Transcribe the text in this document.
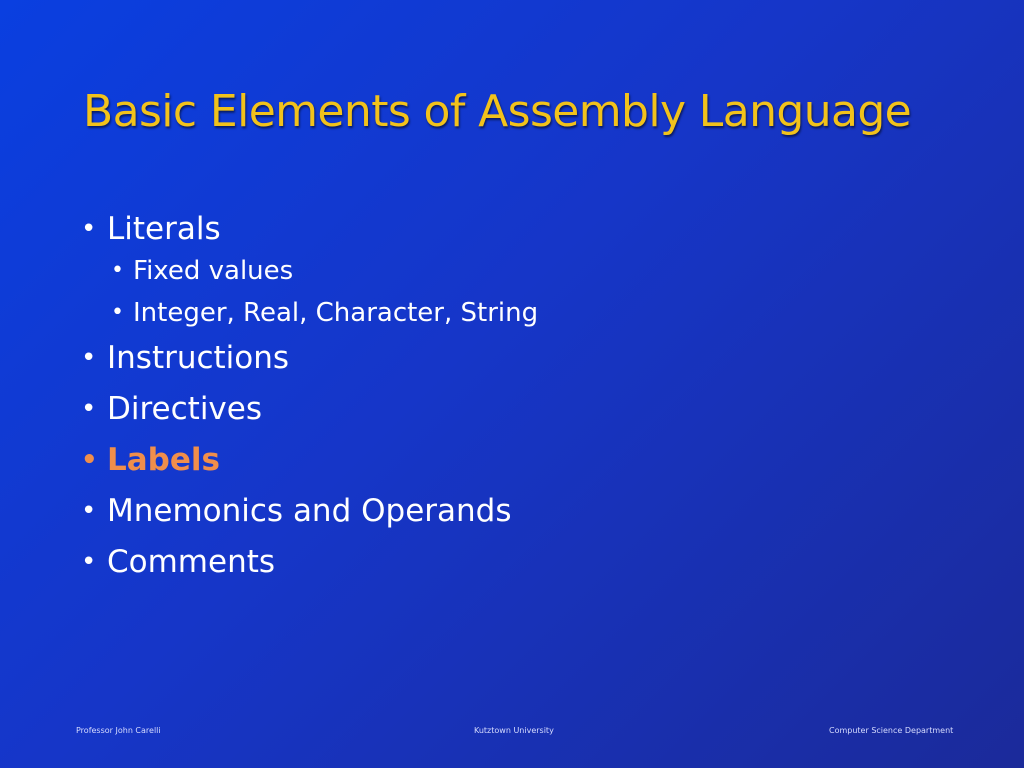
Basic Elements of Assembly Language
• Literals
• Fixed values
• Integer, Real, Character, String
• Instructions
• Directives
• Labels
• Mnemonics and Operands
• Comments
Professor John Carelli	Kutztown University	Computer Science Department
